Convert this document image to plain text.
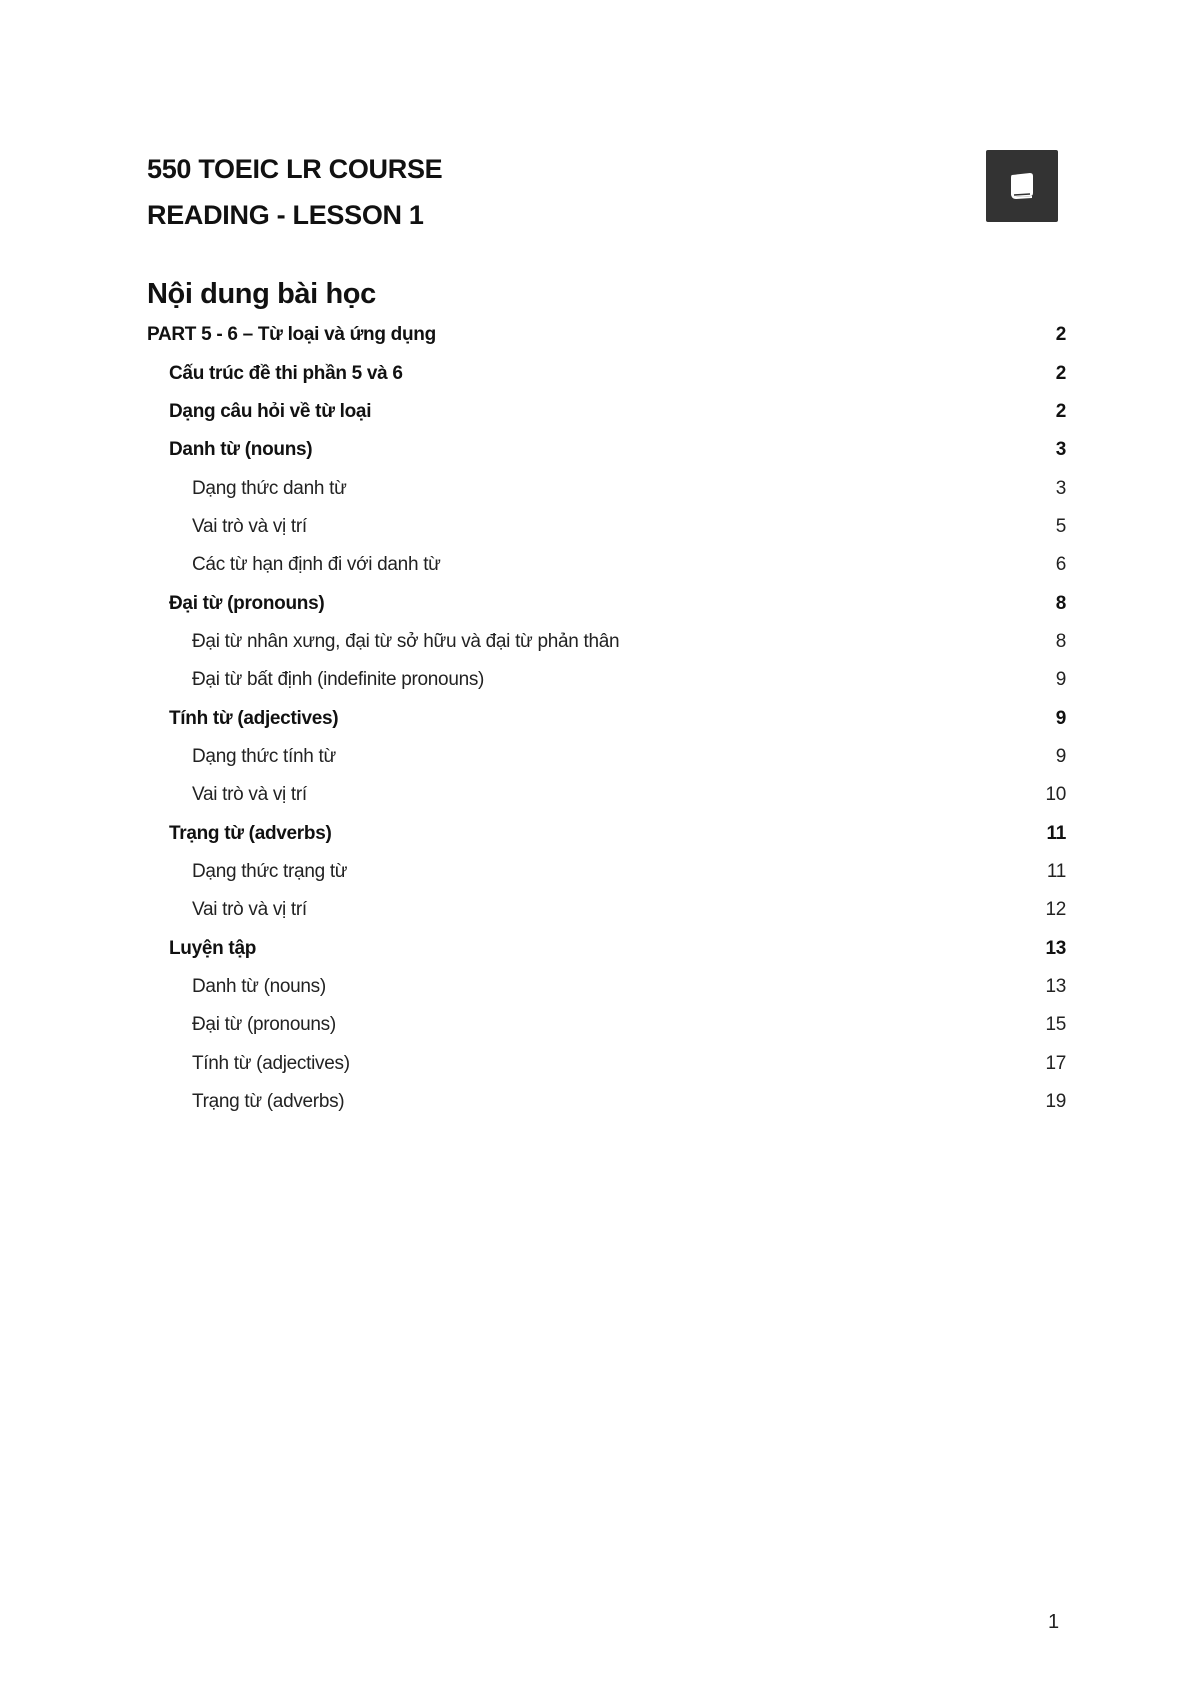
550 TOEIC LR COURSE
READING - LESSON 1
Nội dung bài học
PART 5 - 6 – Từ loại và ứng dụng	2
Cấu trúc đề thi phần 5 và 6	2
Dạng câu hỏi về từ loại	2
Danh từ (nouns)	3
Dạng thức danh từ	3
Vai trò và vị trí	5
Các từ hạn định đi với danh từ	6
Đại từ (pronouns)	8
Đại từ nhân xưng, đại từ sở hữu và đại từ phản thân	8
Đại từ bất định (indefinite pronouns)	9
Tính từ (adjectives)	9
Dạng thức tính từ	9
Vai trò và vị trí	10
Trạng từ (adverbs)	11
Dạng thức trạng từ	11
Vai trò và vị trí	12
Luyện tập	13
Danh từ (nouns)	13
Đại từ (pronouns)	15
Tính từ (adjectives)	17
Trạng từ (adverbs)	19
1
